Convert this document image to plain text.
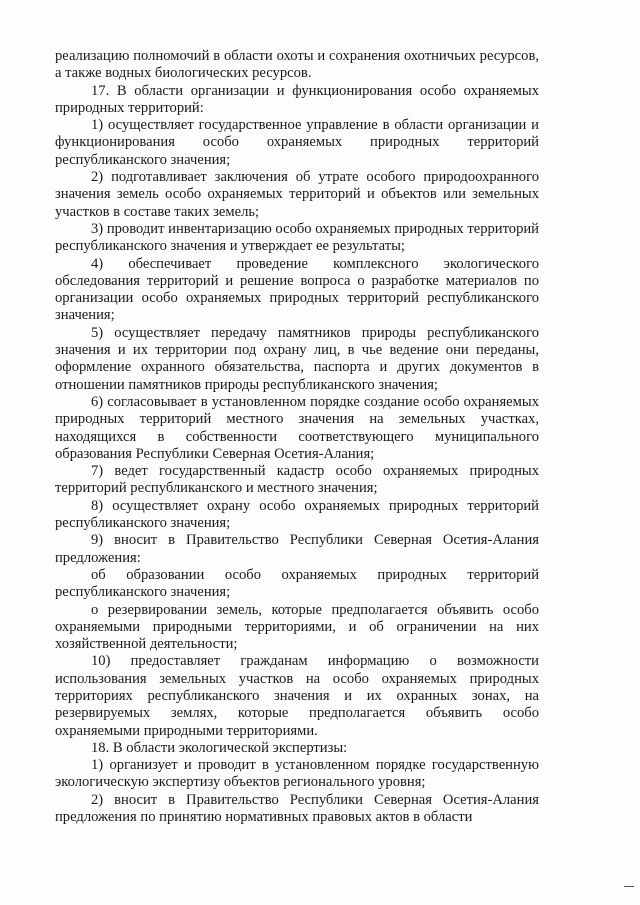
реализацию полномочий в области охоты и сохранения охотничьих ресурсов, а также водных биологических ресурсов.

17. В области организации и функционирования особо охраняемых природных территорий:

1) осуществляет государственное управление в области организации и функционирования особо охраняемых природных территорий республиканского значения;

2) подготавливает заключения об утрате особого природоохранного значения земель особо охраняемых территорий и объектов или земельных участков в составе таких земель;

3) проводит инвентаризацию особо охраняемых природных территорий республиканского значения и утверждает ее результаты;

4) обеспечивает проведение комплексного экологического обследования территорий и решение вопроса о разработке материалов по организации особо охраняемых природных территорий республиканского значения;

5) осуществляет передачу памятников природы республиканского значения и их территории под охрану лиц, в чье ведение они переданы, оформление охранного обязательства, паспорта и других документов в отношении памятников природы республиканского значения;

6) согласовывает в установленном порядке создание особо охраняемых природных территорий местного значения на земельных участках, находящихся в собственности соответствующего муниципального образования Республики Северная Осетия-Алания;

7) ведет государственный кадастр особо охраняемых природных территорий республиканского и местного значения;

8) осуществляет охрану особо охраняемых природных территорий республиканского значения;

9) вносит в Правительство Республики Северная Осетия-Алания предложения:

об образовании особо охраняемых природных территорий республиканского значения;

о резервировании земель, которые предполагается объявить особо охраняемыми природными территориями, и об ограничении на них хозяйственной деятельности;

10) предоставляет гражданам информацию о возможности использования земельных участков на особо охраняемых природных территориях республиканского значения и их охранных зонах, на резервируемых землях, которые предполагается объявить особо охраняемыми природными территориями.

18. В области экологической экспертизы:

1) организует и проводит в установленном порядке государственную экологическую экспертизу объектов регионального уровня;

2) вносит в Правительство Республики Северная Осетия-Алания предложения по принятию нормативных правовых актов в области
